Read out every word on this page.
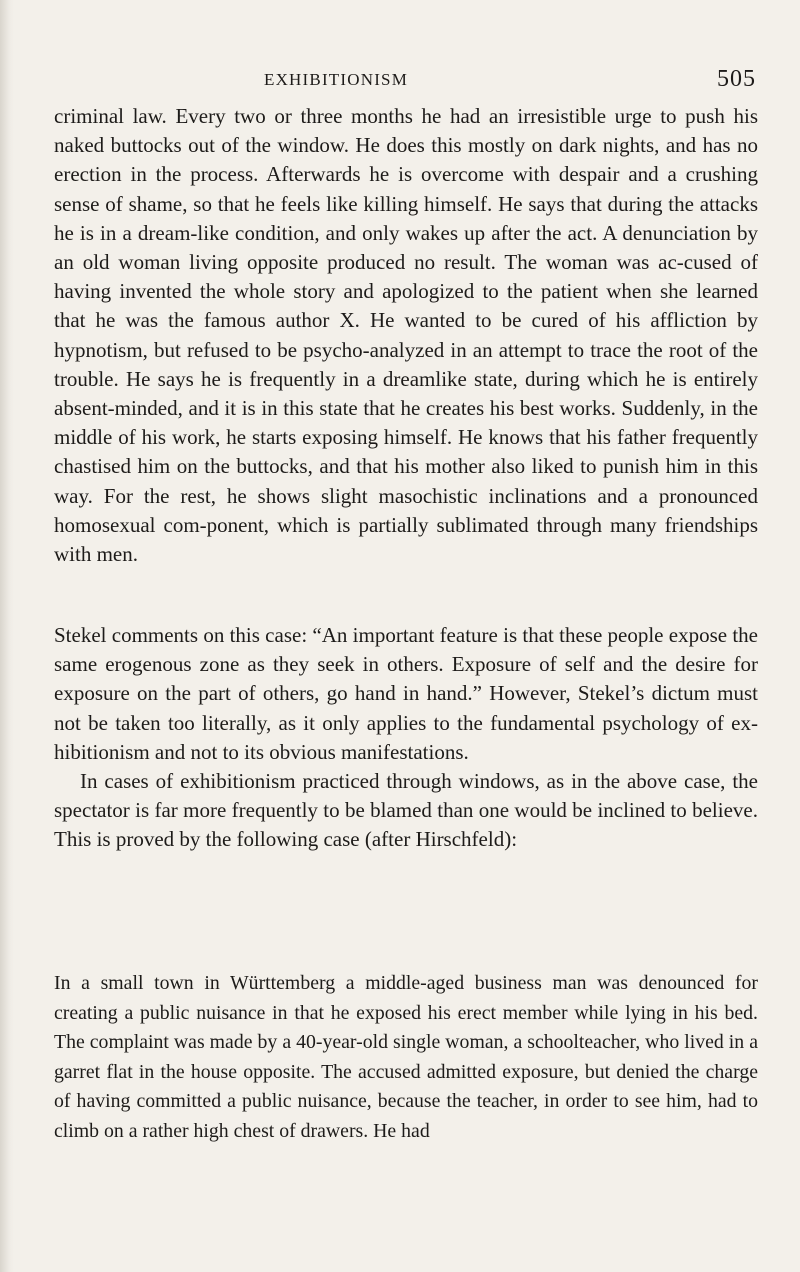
EXHIBITIONISM	505

criminal law. Every two or three months he had an irresistible urge to push his naked buttocks out of the window. He does this mostly on dark nights, and has no erection in the process. Afterwards he is overcome with despair and a crushing sense of shame, so that he feels like killing himself. He says that during the attacks he is in a dream-like condition, and only wakes up after the act. A denunciation by an old woman living opposite produced no result. The woman was ac-cused of having invented the whole story and apologized to the patient when she learned that he was the famous author X. He wanted to be cured of his affliction by hypnotism, but refused to be psycho-analyzed in an attempt to trace the root of the trouble. He says he is frequently in a dreamlike state, during which he is entirely absent-minded, and it is in this state that he creates his best works. Suddenly, in the middle of his work, he starts exposing himself. He knows that his father frequently chastised him on the buttocks, and that his mother also liked to punish him in this way. For the rest, he shows slight masochistic inclinations and a pronounced homosexual com-ponent, which is partially sublimated through many friendships with men.

Stekel comments on this case: “An important feature is that these people expose the same erogenous zone as they seek in others. Exposure of self and the desire for exposure on the part of others, go hand in hand.” However, Stekel’s dictum must not be taken too literally, as it only applies to the fundamental psychology of ex-hibitionism and not to its obvious manifestations.

In cases of exhibitionism practiced through windows, as in the above case, the spectator is far more frequently to be blamed than one would be inclined to believe. This is proved by the following case (after Hirschfeld):

In a small town in Württemberg a middle-aged business man was denounced for creating a public nuisance in that he exposed his erect member while lying in his bed. The complaint was made by a 40-year-old single woman, a schoolteacher, who lived in a garret flat in the house opposite. The accused admitted exposure, but denied the charge of having committed a public nuisance, because the teacher, in order to see him, had to climb on a rather high chest of drawers. He had
